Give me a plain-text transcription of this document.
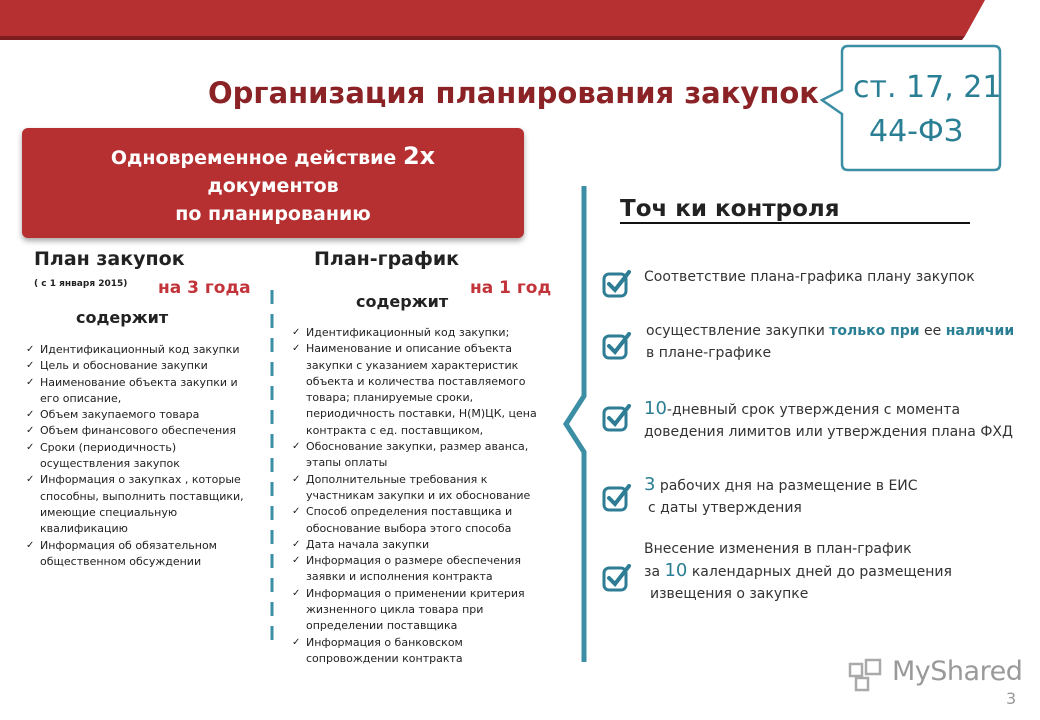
Организация планирования закупок ст. 17, 21
44-ФЗ
Одновременное действие 2х
документов
по планированию
План закупок
( с 1 января 2015) на 3 года
содержит
✓ Идентификационный код закупки
✓ Цель и обоснование закупки
✓ Наименование объекта закупки и его описание,
✓ Объем закупаемого товара
✓ Объем финансового обеспечения
✓ Сроки (периодичность) осуществления закупок
✓ Информация о закупках , которые способны, выполнить поставщики, имеющие специальную квалификацию
✓ Информация об обязательном общественном обсуждении
План-график
содержит
на 1 год
✓ Идентификационный код закупки;
✓ Наименование и описание объекта закупки с указанием характеристик объекта и количества поставляемого товара; планируемые сроки, периодичность поставки, Н(М)ЦК, цена контракта с ед. поставщиком,
✓ Обоснование закупки, размер аванса, этапы оплаты
✓ Дополнительные требования к участникам закупки и их обоснование
✓ Способ определения поставщика и обоснование выбора этого способа
✓ Дата начала закупки
✓ Информация о размере обеспечения заявки и исполнения контракта
✓ Информация о применении критерия жизненного цикла товара при определении поставщика
✓ Информация о банковском сопровождении контракта
Точ ки контроля
Соответствие плана-графика плану закупок
осуществление закупки только при ее наличии
в плане-графике
10-дневный срок утверждения с момента
доведения лимитов или утверждения плана ФХД
3 рабочих дня на размещение в ЕИС
с даты утверждения
Внесение изменения в план-график
за 10 календарных дней до размещения
извещения о закупке
MyShared
3
